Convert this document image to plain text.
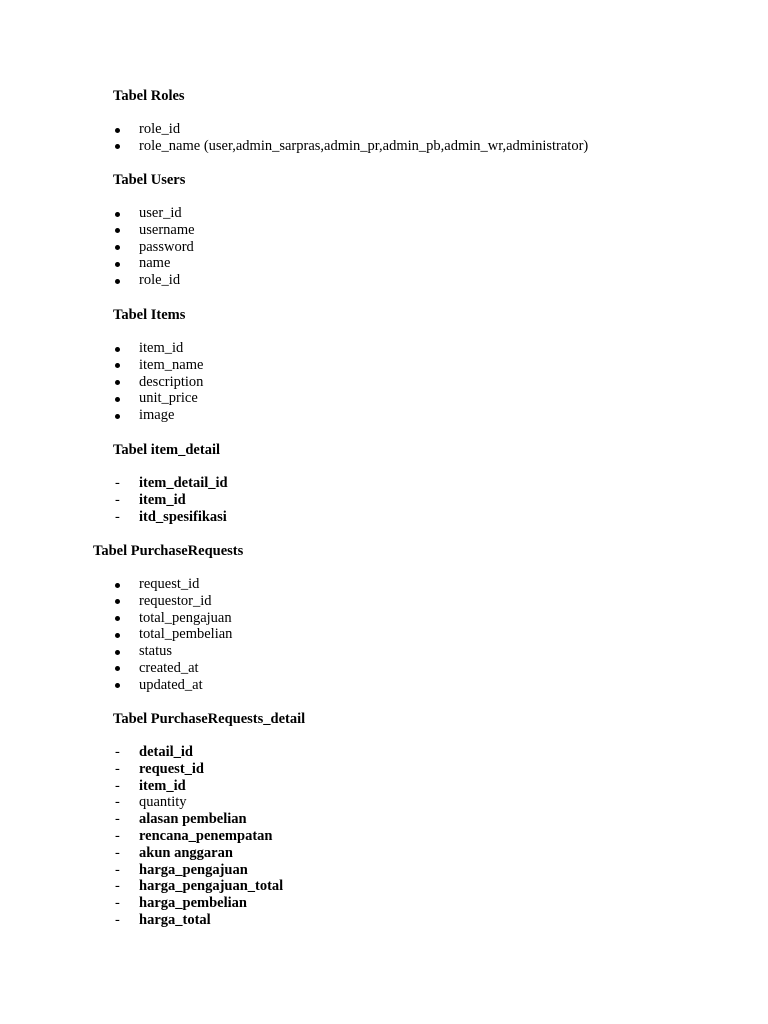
Tabel Roles
role_id
role_name (user,admin_sarpras,admin_pr,admin_pb,admin_wr,administrator)
Tabel Users
user_id
username
password
name
role_id
Tabel Items
item_id
item_name
description
unit_price
image
Tabel item_detail
- item_detail_id
- item_id
- itd_spesifikasi
Tabel PurchaseRequests
request_id
requestor_id
total_pengajuan
total_pembelian
status
created_at
updated_at
Tabel PurchaseRequests_detail
- detail_id
- request_id
- item_id
- quantity
- alasan pembelian
- rencana_penempatan
- akun anggaran
- harga_pengajuan
- harga_pengajuan_total
- harga_pembelian
- harga_total
